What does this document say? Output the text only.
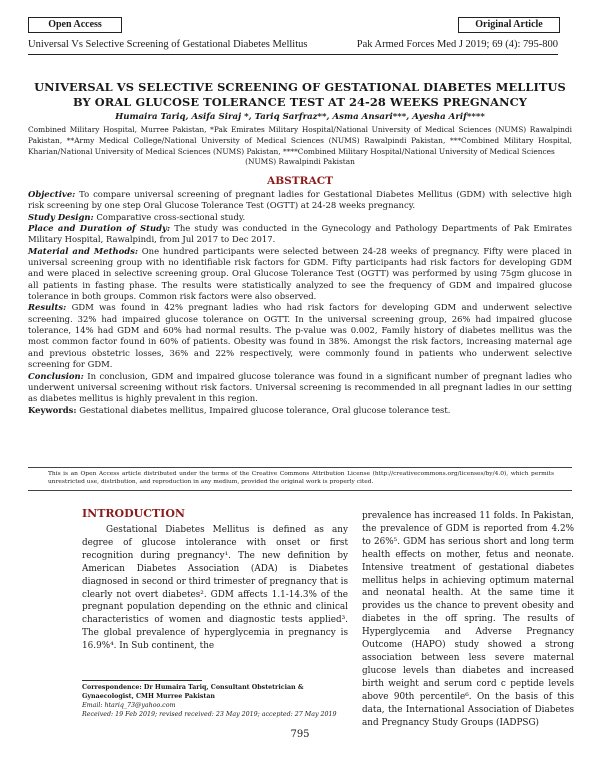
Open Access	Original Article
Universal Vs Selective Screening of Gestational Diabetes Mellitus	Pak Armed Forces Med J 2019; 69 (4): 795-800
UNIVERSAL VS SELECTIVE SCREENING OF GESTATIONAL DIABETES MELLITUS BY ORAL GLUCOSE TOLERANCE TEST AT 24-28 WEEKS PREGNANCY
Humaira Tariq, Asifa Siraj *, Tariq Sarfraz**, Asma Ansari***, Ayesha Arif****
Combined Military Hospital, Murree Pakistan, *Pak Emirates Military Hospital/National University of Medical Sciences (NUMS) Rawalpindi Pakistan, **Army Medical College/National University of Medical Sciences (NUMS) Rawalpindi Pakistan, ***Combined Military Hospital, Kharian/National University of Medical Sciences (NUMS) Pakistan, ****Combined Military Hospital/National University of Medical Sciences
(NUMS) Rawalpindi Pakistan
ABSTRACT

Objective: To compare universal screening of pregnant ladies for Gestational Diabetes Mellitus (GDM) with selective high risk screening by one step Oral Glucose Tolerance Test (OGTT) at 24-28 weeks pregnancy.

Study Design: Comparative cross-sectional study.

Place and Duration of Study: The study was conducted in the Gynecology and Pathology Departments of Pak Emirates Military Hospital, Rawalpindi, from Jul 2017 to Dec 2017.

Material and Methods: One hundred participants were selected between 24-28 weeks of pregnancy. Fifty were placed in universal screening group with no identifiable risk factors for GDM. Fifty participants had risk factors for developing GDM and were placed in selective screening group. Oral Glucose Tolerance Test (OGTT) was performed by using 75gm glucose in all patients in fasting phase. The results were statistically analyzed to see the frequency of GDM and impaired glucose tolerance in both groups. Common risk factors were also observed.

Results: GDM was found in 42% pregnant ladies who had risk factors for developing GDM and underwent selective screening. 32% had impaired glucose tolerance on OGTT. In the universal screening group, 26% had impaired glucose tolerance, 14% had GDM and 60% had normal results. The p-value was 0.002, Family history of diabetes mellitus was the most common factor found in 60% of patients. Obesity was found in 38%. Amongst the risk factors, increasing maternal age and previous obstetric losses, 36% and 22% respectively, were commonly found in patients who underwent selective screening for GDM.

Conclusion: In conclusion, GDM and impaired glucose tolerance was found in a significant number of pregnant ladies who underwent universal screening without risk factors. Universal screening is recommended in all pregnant ladies in our setting as diabetes mellitus is highly prevalent in this region.

Keywords: Gestational diabetes mellitus, Impaired glucose tolerance, Oral glucose tolerance test.

This is an Open Access article distributed under the terms of the Creative Commons Attribution License (http://creativecommons.org/licenses/by/4.0), which permits unrestricted use, distribution, and reproduction in any medium, provided the original work is properly cited.
INTRODUCTION

Gestational Diabetes Mellitus is defined as any degree of glucose intolerance with onset or first recognition during pregnancy¹. The new definition by American Diabetes Association (ADA) is Diabetes diagnosed in second or third trimester of pregnancy that is clearly not overt diabetes². GDM affects 1.1-14.3% of the pregnant population depending on the ethnic and clinical characteristics of women and diagnostic tests applied³. The global prevalence of hyperglycemia in pregnancy is 16.9%⁴. In Sub continent, the

prevalence has increased 11 folds. In Pakistan, the prevalence of GDM is reported from 4.2% to 26%⁵. GDM has serious short and long term health effects on mother, fetus and neonate. Intensive treatment of gestational diabetes mellitus helps in achieving optimum maternal and neonatal health. At the same time it provides us the chance to prevent obesity and diabetes in the off spring. The results of Hyperglycemia and Adverse Pregnancy Outcome (HAPO) study showed a strong association between less severe maternal glucose levels than diabetes and increased birth weight and serum cord c peptide levels above 90th percentile⁶. On the basis of this data, the International Association of Diabetes and Pregnancy Study Groups (IADPSG)

Correspondence: Dr Humaira Tariq, Consultant Obstetrician & Gynaecologist, CMH Murree Pakistan
Email: htariq_73@yahoo.com
Received: 19 Feb 2019; revised received: 23 May 2019; accepted: 27 May 2019
795
